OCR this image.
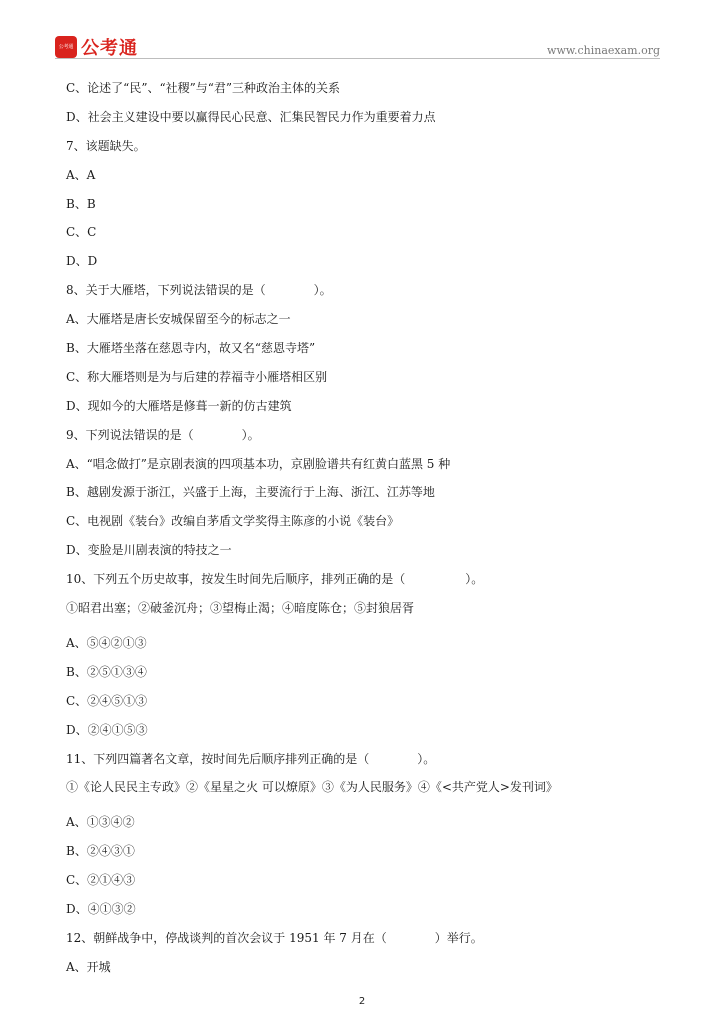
公考通 公考通	www.chinaexam.org
C、论述了“民”、“社稷”与“君”三种政治主体的关系
D、社会主义建设中要以赢得民心民意、汇集民智民力作为重要着力点
7、该题缺失。
A、A
B、B
C、C
D、D
8、关于大雁塔，下列说法错误的是（　　　　）。
A、大雁塔是唐长安城保留至今的标志之一
B、大雁塔坐落在慈恩寺内，故又名“慈恩寺塔”
C、称大雁塔则是为与后建的荐福寺小雁塔相区别
D、现如今的大雁塔是修葺一新的仿古建筑
9、下列说法错误的是（　　　　）。
A、“唱念做打”是京剧表演的四项基本功，京剧脸谱共有红黄白蓝黑 5 种
B、越剧发源于浙江，兴盛于上海，主要流行于上海、浙江、江苏等地
C、电视剧《装台》改编自茅盾文学奖得主陈彦的小说《装台》
D、变脸是川剧表演的特技之一
10、下列五个历史故事，按发生时间先后顺序，排列正确的是（　　　　　）。
①昭君出塞；②破釜沉舟；③望梅止渴；④暗度陈仓；⑤封狼居胥
A、⑤④②①③
B、②⑤①③④
C、②④⑤①③
D、②④①⑤③
11、下列四篇著名文章，按时间先后顺序排列正确的是（　　　　）。
①《论人民民主专政》②《星星之火 可以燎原》③《为人民服务》④《<共产党人>发刊词》
A、①③④②
B、②④③①
C、②①④③
D、④①③②
12、朝鲜战争中，停战谈判的首次会议于 1951 年 7 月在（　　　　）举行。
A、开城
2
